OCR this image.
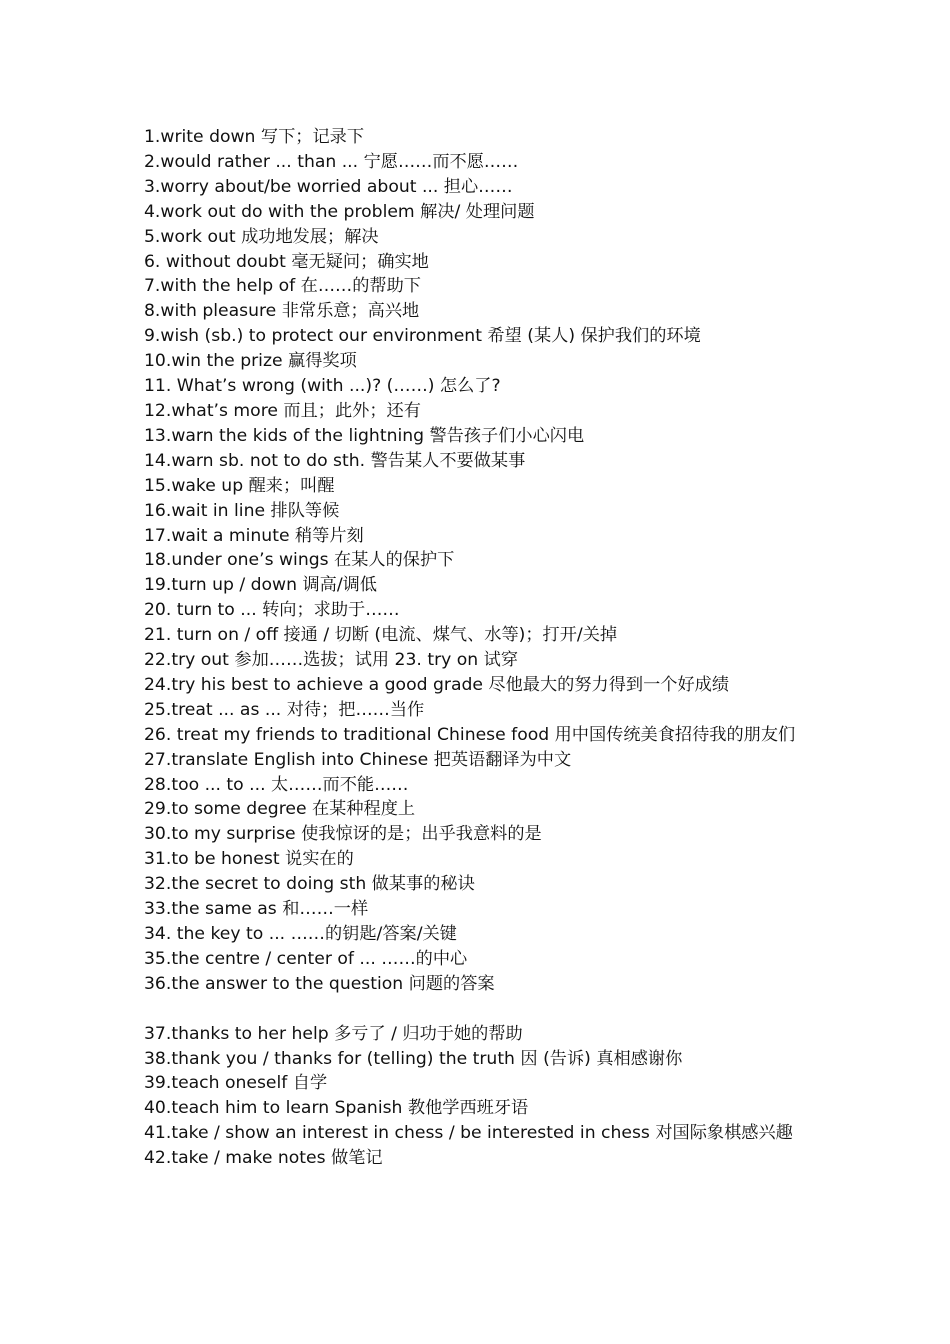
1.write down 写下；记录下
2.would rather ... than ... 宁愿……而不愿……
3.worry about/be worried about ... 担心……
4.work out do with the problem 解决/ 处理问题
5.work out 成功地发展；解决
6. without doubt 毫无疑问；确实地
7.with the help of 在……的帮助下
8.with pleasure 非常乐意；高兴地
9.wish (sb.) to protect our environment 希望 (某人) 保护我们的环境
10.win the prize 赢得奖项
11. What’s wrong (with ...)? (……) 怎么了?
12.what’s more 而且；此外；还有
13.warn the kids of the lightning 警告孩子们小心闪电
14.warn sb. not to do sth. 警告某人不要做某事
15.wake up 醒来；叫醒
16.wait in line 排队等候
17.wait a minute 稍等片刻
18.under one’s wings 在某人的保护下
19.turn up / down 调高/调低
20. turn to ... 转向；求助于……
21. turn on / off 接通 / 切断 (电流、煤气、水等)；打开/关掉
22.try out 参加……选拔；试用 23. try on 试穿
24.try his best to achieve a good grade 尽他最大的努力得到一个好成绩
25.treat ... as ... 对待；把……当作
26. treat my friends to traditional Chinese food 用中国传统美食招待我的朋友们
27.translate English into Chinese 把英语翻译为中文
28.too ... to ... 太……而不能……
29.to some degree 在某种程度上
30.to my surprise 使我惊讶的是；出乎我意料的是
31.to be honest 说实在的
32.the secret to doing sth 做某事的秘诀
33.the same as 和……一样
34. the key to ... ……的钥匙/答案/关键
35.the centre / center of ... ……的中心
36.the answer to the question 问题的答案
37.thanks to her help 多亏了 / 归功于她的帮助
38.thank you / thanks for (telling) the truth 因 (告诉) 真相感谢你
39.teach oneself 自学
40.teach him to learn Spanish 教他学西班牙语
41.take / show an interest in chess / be interested in chess 对国际象棋感兴趣
42.take / make notes 做笔记
